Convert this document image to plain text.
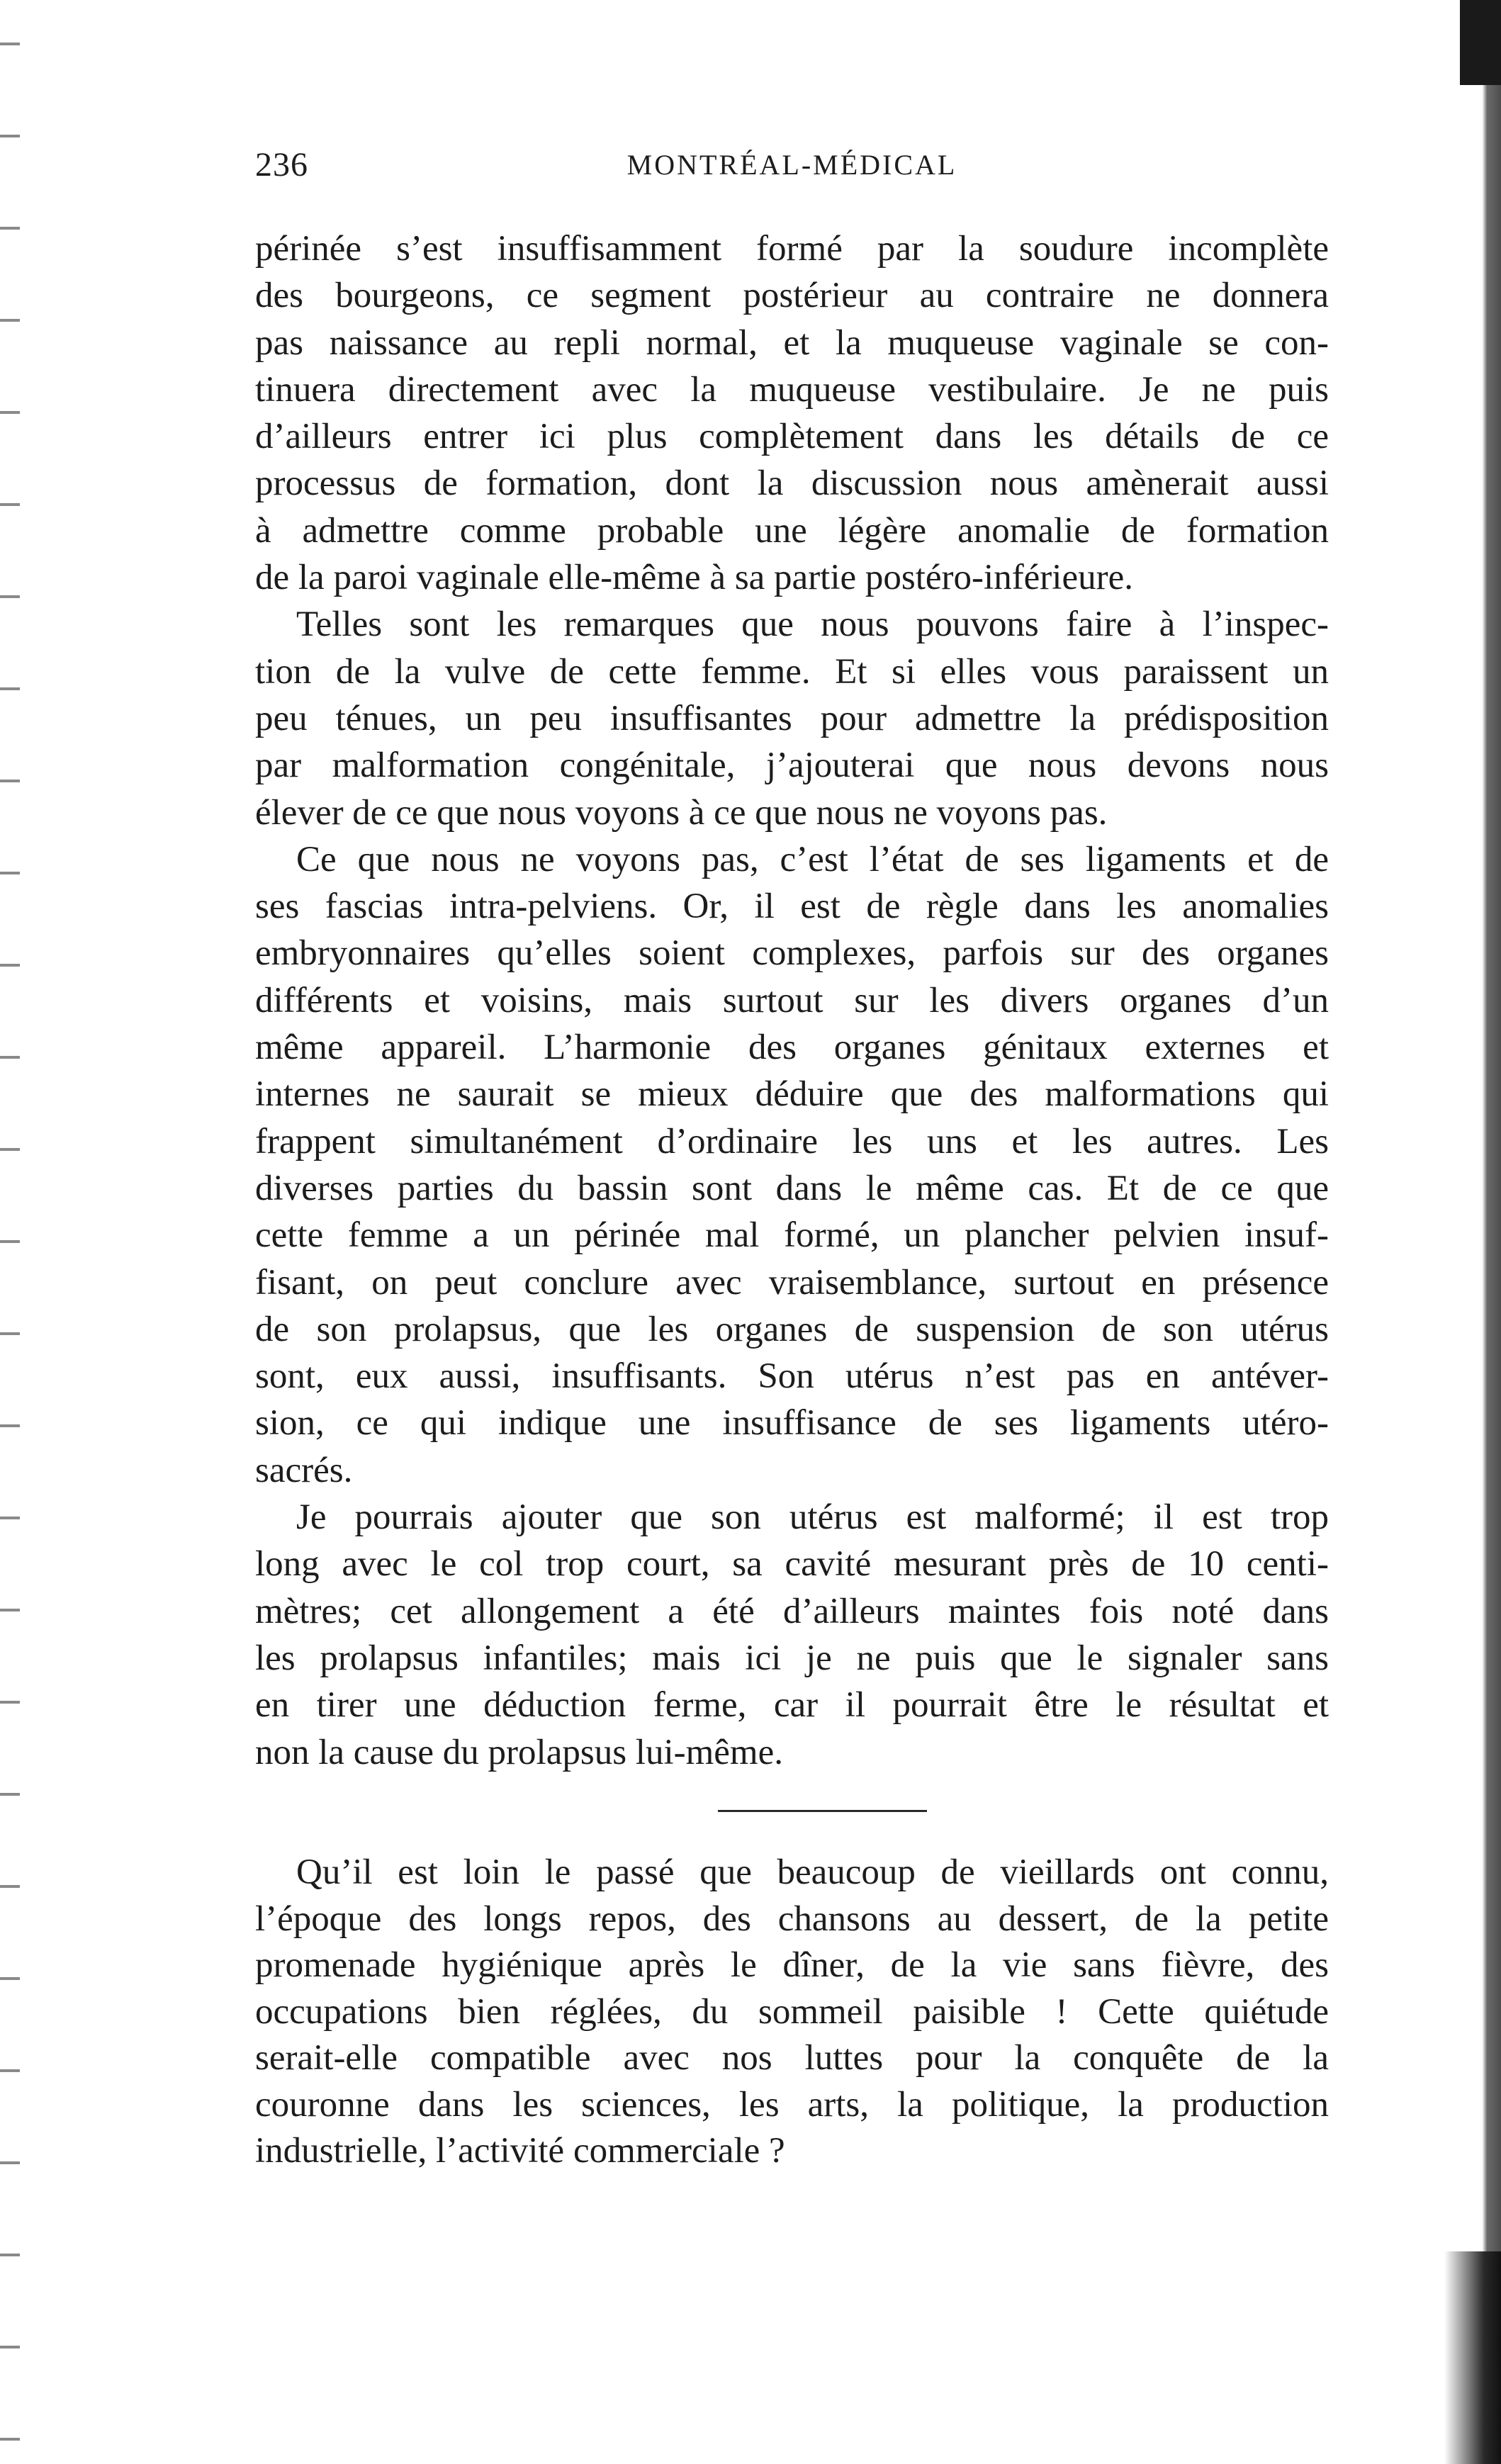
236	MONTRÉAL-MÉDICAL
périnée s’est insuffisamment formé par la soudure incomplète
des bourgeons, ce segment postérieur au contraire ne donnera
pas naissance au repli normal, et la muqueuse vaginale se con-
tinuera directement avec la muqueuse vestibulaire. Je ne puis
d’ailleurs entrer ici plus complètement dans les détails de ce
processus de formation, dont la discussion nous amènerait aussi
à admettre comme probable une légère anomalie de formation
de la paroi vaginale elle-même à sa partie postéro-inférieure.
Telles sont les remarques que nous pouvons faire à l’inspec-
tion de la vulve de cette femme. Et si elles vous paraissent un
peu ténues, un peu insuffisantes pour admettre la prédisposition
par malformation congénitale, j’ajouterai que nous devons nous
élever de ce que nous voyons à ce que nous ne voyons pas.
Ce que nous ne voyons pas, c’est l’état de ses ligaments et de
ses fascias intra-pelviens. Or, il est de règle dans les anomalies
embryonnaires qu’elles soient complexes, parfois sur des organes
différents et voisins, mais surtout sur les divers organes d’un
même appareil. L’harmonie des organes génitaux externes et
internes ne saurait se mieux déduire que des malformations qui
frappent simultanément d’ordinaire les uns et les autres. Les
diverses parties du bassin sont dans le même cas. Et de ce que
cette femme a un périnée mal formé, un plancher pelvien insuf-
fisant, on peut conclure avec vraisemblance, surtout en présence
de son prolapsus, que les organes de suspension de son utérus
sont, eux aussi, insuffisants. Son utérus n’est pas en antéver-
sion, ce qui indique une insuffisance de ses ligaments utéro-
sacrés.
Je pourrais ajouter que son utérus est malformé; il est trop
long avec le col trop court, sa cavité mesurant près de 10 centi-
mètres; cet allongement a été d’ailleurs maintes fois noté dans
les prolapsus infantiles; mais ici je ne puis que le signaler sans
en tirer une déduction ferme, car il pourrait être le résultat et
non la cause du prolapsus lui-même.
Qu’il est loin le passé que beaucoup de vieillards ont connu,
l’époque des longs repos, des chansons au dessert, de la petite
promenade hygiénique après le dîner, de la vie sans fièvre, des
occupations bien réglées, du sommeil paisible ! Cette quiétude
serait-elle compatible avec nos luttes pour la conquête de la
couronne dans les sciences, les arts, la politique, la production
industrielle, l’activité commerciale ?
